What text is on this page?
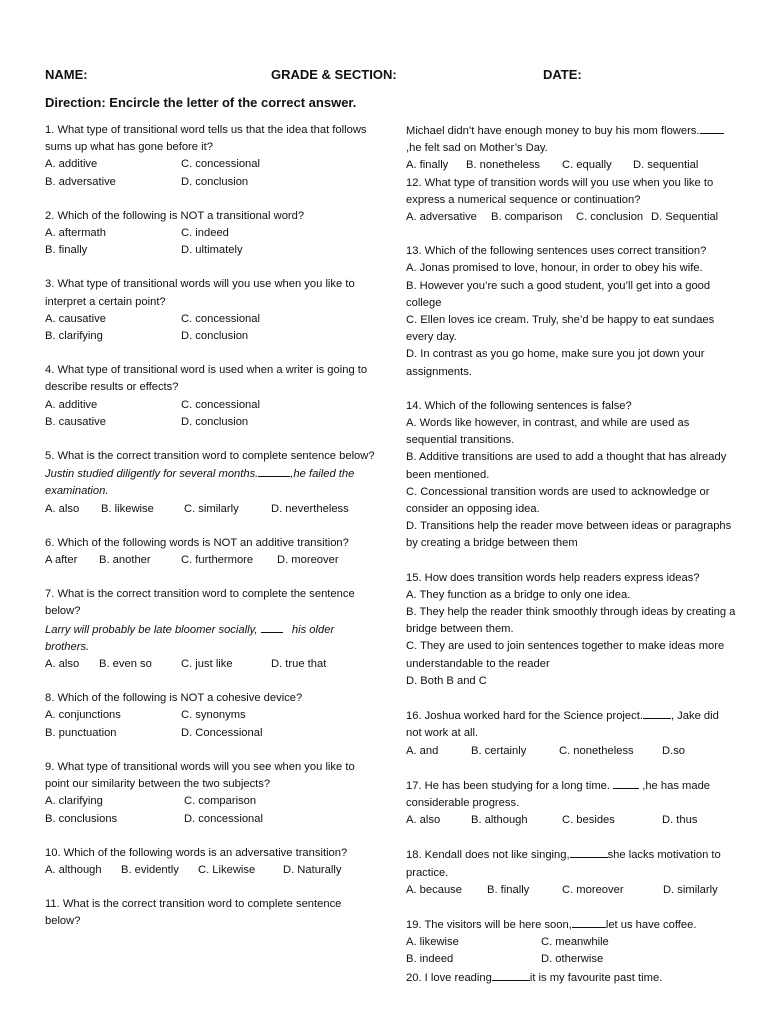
NAME:	GRADE & SECTION:	DATE:
Direction: Encircle the letter of the correct answer.

1. What type of transitional word tells us that the idea that follows sums up what has gone before it?

A. additive	C. concessional
B. adversative	D. conclusion

2. Which of the following is NOT a transitional word?

A. aftermath	C. indeed
B. finally	D. ultimately

3. What type of transitional words will you use when you like to interpret a certain point?

A. causative	C. concessional
B. clarifying	D. conclusion

4. What type of transitional word is used when a writer is going to describe results or effects?

A. additive	C. concessional
B. causative	D. conclusion

5. What is the correct transition word to complete sentence below?

Justin studied diligently for several months.	,he failed the examination.

A. also B. likewise	C. similarly	D. nevertheless

6. Which of the following words is NOT an additive transition?

A after B. another	C. furthermore D. moreover

7. What is the correct transition word to complete the sentence below?

Larry will probably be late bloomer socially,	his older brothers.

A. also B. even so	C. just like	D. true that

8. Which of the following is NOT a cohesive device?

A. conjunctions	C. synonyms
B. punctuation	D. Concessional

9. What type of transitional words will you see when you like to point our similarity between the two subjects?

A. clarifying	C. comparison
B. conclusions	D. concessional

10. Which of the following words is an adversative transition?

A. although B. evidently C. Likewise D. Naturally

11. What is the correct transition word to complete sentence below?

Michael didn’t have enough money to buy his mom flowers.
,he felt sad on Mother’s Day.

A. finally B. nonetheless C. equally D. sequential

12. What type of transition words will you use when you like to express a numerical sequence or continuation?

A. adversative B. comparison C. conclusion D. Sequential

13. Which of the following sentences uses correct transition?

A. Jonas promised to love, honour, in order to obey his wife.

B. However you’re such a good student, you’ll get into a good college

C. Ellen loves ice cream. Truly, she’d be happy to eat sundaes every day.

D. In contrast as you go home, make sure you jot down your assignments.

14. Which of the following sentences is false?

A. Words like however, in contrast, and while are used as sequential transitions.

B. Additive transitions are used to add a thought that has already been mentioned.

C. Concessional transition words are used to acknowledge or consider an opposing idea.

D. Transitions help the reader move between ideas or paragraphs by creating a bridge between them

15. How does transition words help readers express ideas?

A. They function as a bridge to only one idea.

B. They help the reader think smoothly through ideas by creating a bridge between them.

C. They are used to join sentences together to make ideas more understandable to the reader

D. Both B and C

16. Joshua worked hard for the Science project.	, Jake did not work at all.

A. and	B. certainly	C. nonetheless	D.so

17. He has been studying for a long time.	,he has made considerable progress.

A. also	B. although	C. besides	D. thus

18. Kendall does not like singing,	she lacks motivation to practice.

A. because B. finally	C. moreover	D. similarly

19. The visitors will be here soon,	let us have coffee.

A. likewise	C. meanwhile
B. indeed	D. otherwise

20. I love reading	it is my favourite past time.
